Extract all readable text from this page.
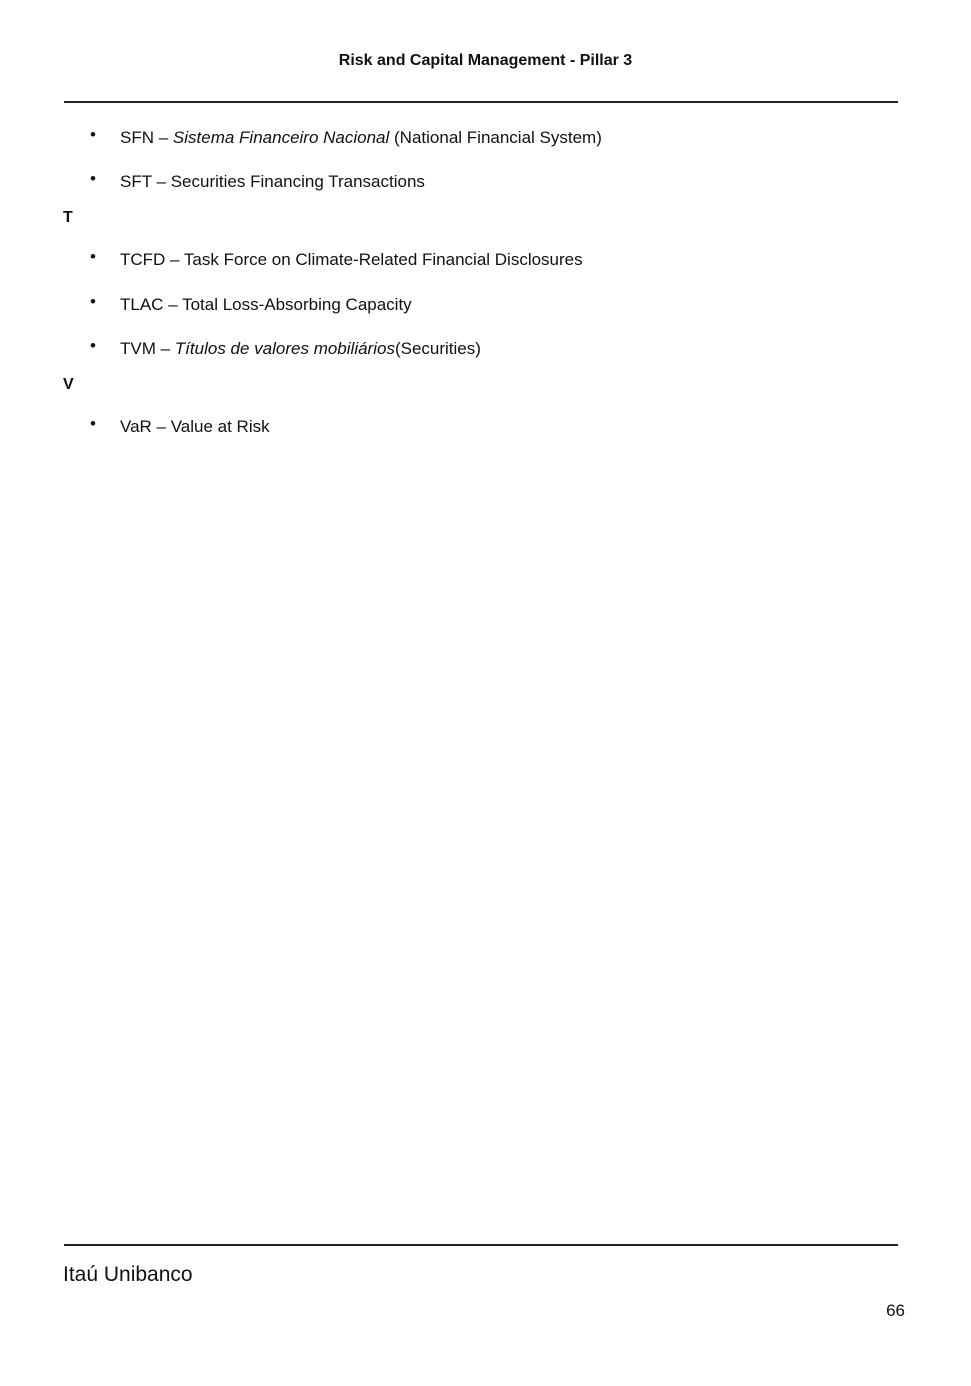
Risk and Capital Management - Pillar 3
• SFN – Sistema Financeiro Nacional (National Financial System)
• SFT – Securities Financing Transactions
T
• TCFD – Task Force on Climate-Related Financial Disclosures
• TLAC – Total Loss-Absorbing Capacity
• TVM – Títulos de valores mobiliários(Securities)
V
• VaR – Value at Risk
Itaú Unibanco
66
